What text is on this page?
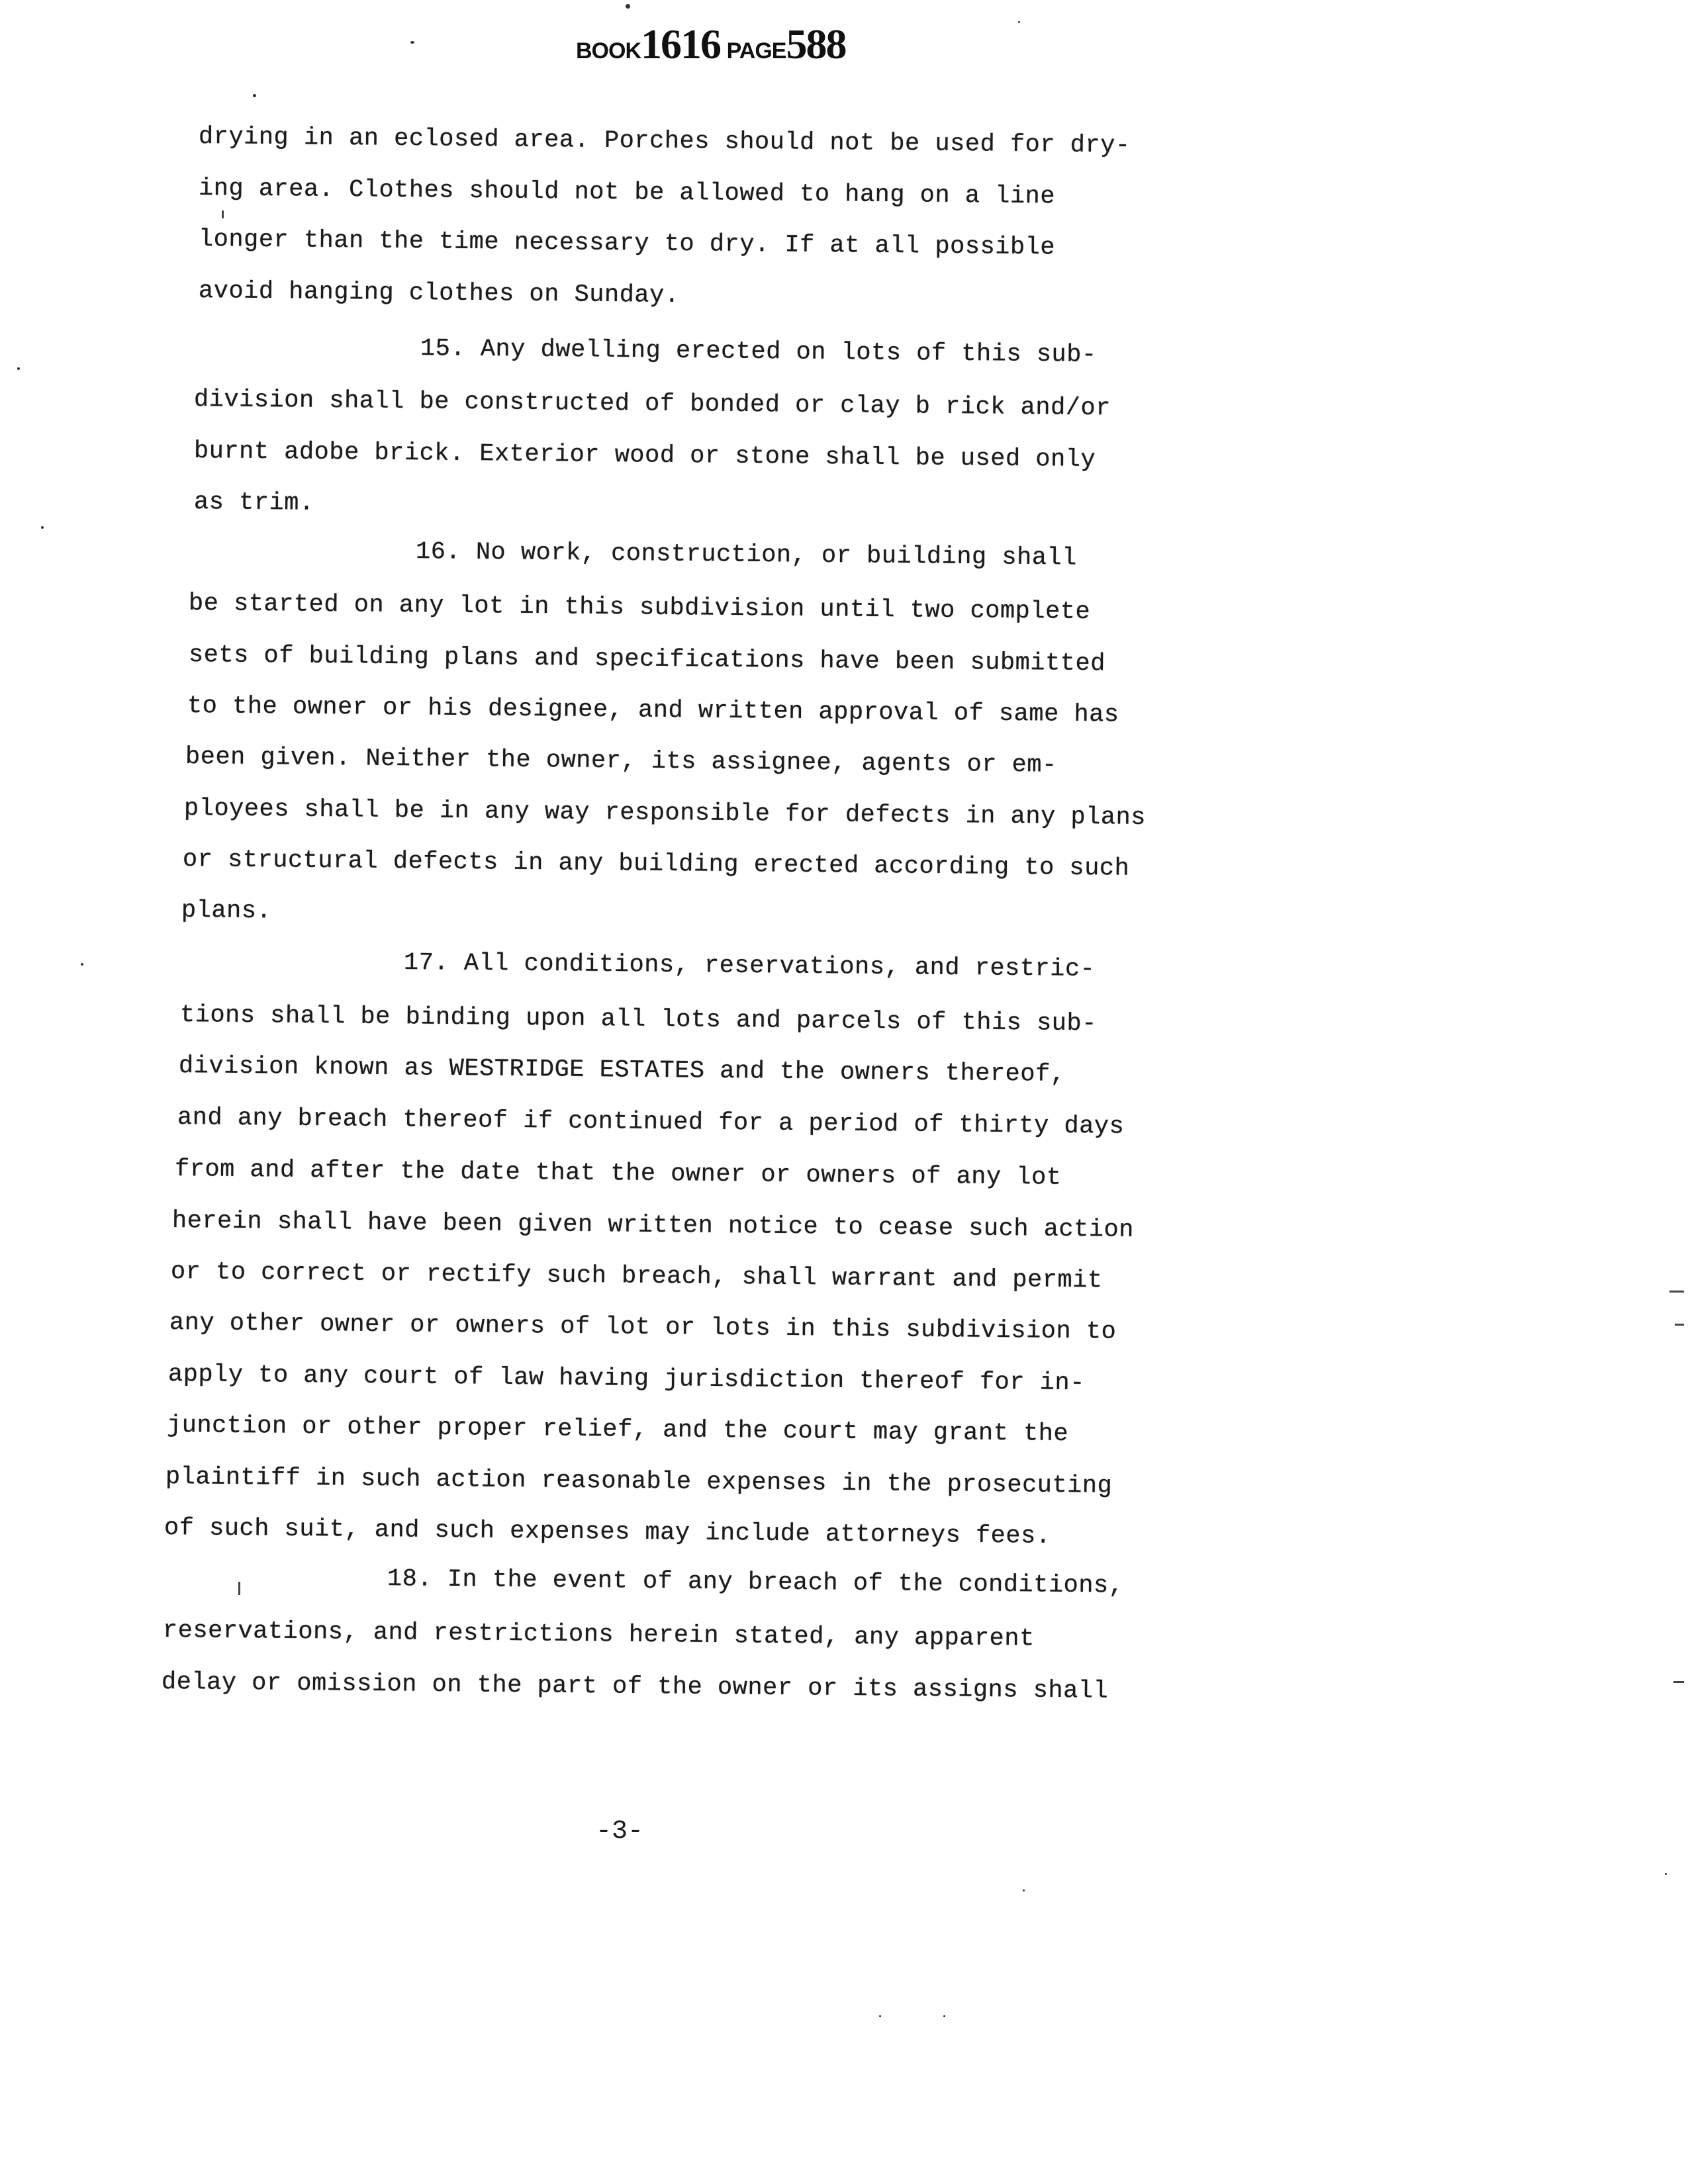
BOOK1616 PAGE588
drying in an eclosed area. Porches should not be used for dry-
ing area. Clothes should not be allowed to hang on a line
longer than the time necessary to dry. If at all possible
avoid hanging clothes on Sunday.
15. Any dwelling erected on lots of this sub-
division shall be constructed of bonded or clay b rick and/or
burnt adobe brick. Exterior wood or stone shall be used only
as trim.
16. No work, construction, or building shall
be started on any lot in this subdivision until two complete
sets of building plans and specifications have been submitted
to the owner or his designee, and written approval of same has
been given. Neither the owner, its assignee, agents or em-
ployees shall be in any way responsible for defects in any plans
or structural defects in any building erected according to such
plans.
17. All conditions, reservations, and restric-
tions shall be binding upon all lots and parcels of this sub-
division known as WESTRIDGE ESTATES and the owners thereof,
and any breach thereof if continued for a period of thirty days
from and after the date that the owner or owners of any lot
herein shall have been given written notice to cease such action
or to correct or rectify such breach, shall warrant and permit
any other owner or owners of lot or lots in this subdivision to
apply to any court of law having jurisdiction thereof for in-
junction or other proper relief, and the court may grant the
plaintiff in such action reasonable expenses in the prosecuting
of such suit, and such expenses may include attorneys fees.
18. In the event of any breach of the conditions,
reservations, and restrictions herein stated, any apparent
delay or omission on the part of the owner or its assigns shall
-3-
